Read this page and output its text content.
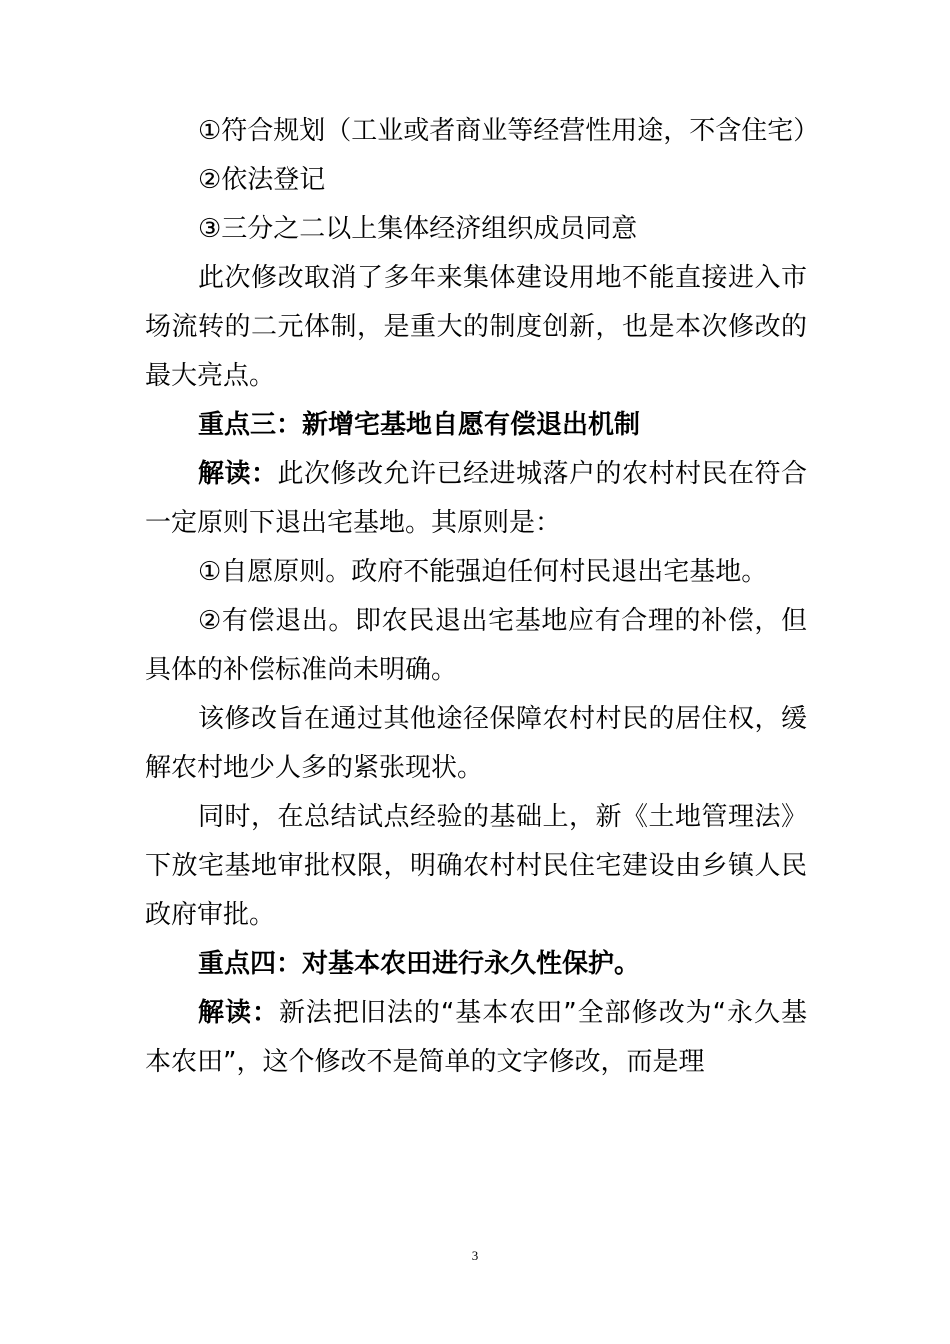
①符合规划（工业或者商业等经营性用途，不含住宅）

②依法登记

③三分之二以上集体经济组织成员同意

此次修改取消了多年来集体建设用地不能直接进入市场流转的二元体制，是重大的制度创新，也是本次修改的最大亮点。

重点三：新增宅基地自愿有偿退出机制

解读：此次修改允许已经进城落户的农村村民在符合一定原则下退出宅基地。其原则是：

①自愿原则。政府不能强迫任何村民退出宅基地。

②有偿退出。即农民退出宅基地应有合理的补偿，但具体的补偿标准尚未明确。

该修改旨在通过其他途径保障农村村民的居住权，缓解农村地少人多的紧张现状。

同时，在总结试点经验的基础上，新《土地管理法》下放宅基地审批权限，明确农村村民住宅建设由乡镇人民政府审批。

重点四：对基本农田进行永久性保护。

解读：新法把旧法的“基本农田”全部修改为“永久基本农田”，这个修改不是简单的文字修改，而是理

3
